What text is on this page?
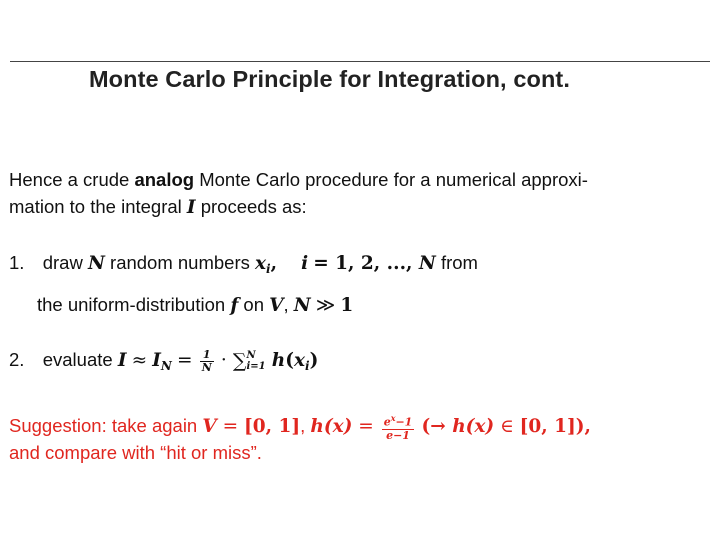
Monte Carlo Principle for Integration, cont.
Hence a crude analog Monte Carlo procedure for a numerical approxi-
mation to the integral I proceeds as:
1. draw N random numbers $x_i$, i = 1, 2, ..., N from
the uniform-distribution f on V, N ≫ 1
2. evaluate $I \approx I_N = \frac{1}{N}$ · ∑ N
i=1 $h(x_i)$
Suggestion: take again V = [0, 1], $h(x) = \frac{e^x-1}{e-1}$ (→ h(x) ∈ [0, 1]),
and compare with “hit or miss”.
